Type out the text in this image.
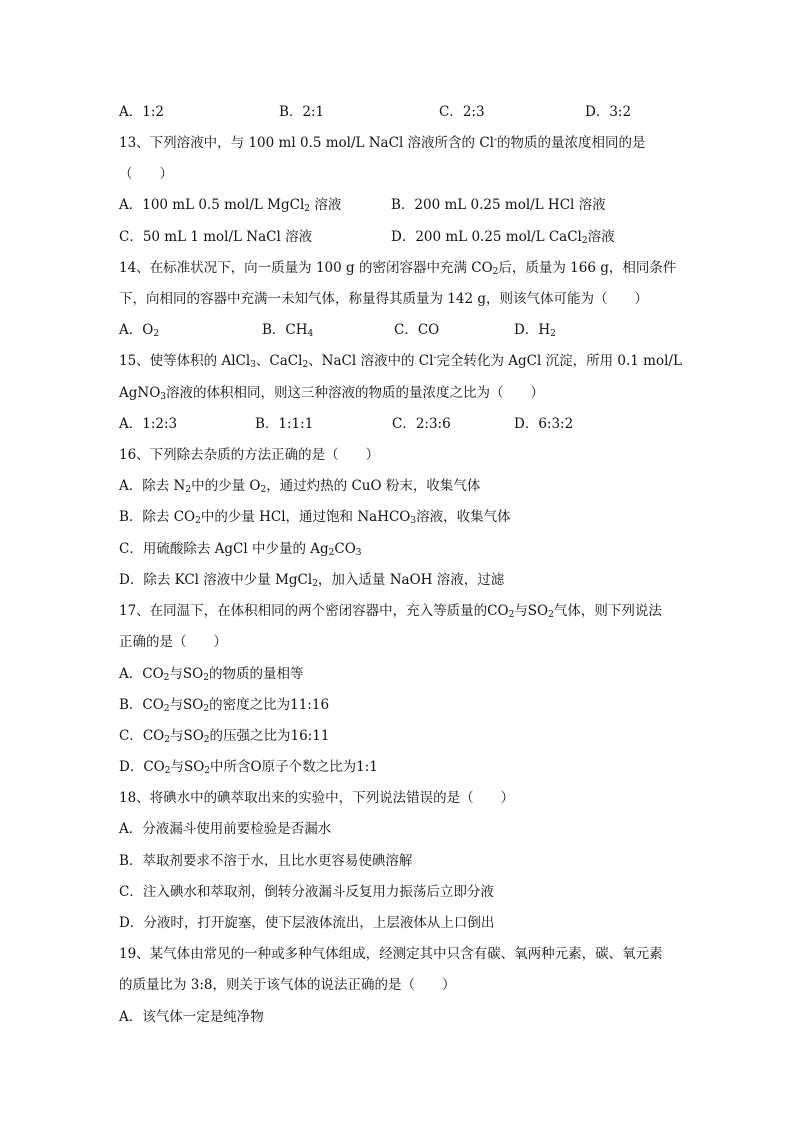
A．1:2	B．2:1	C．2:3	D．3:2
13、下列溶液中，与 100 ml 0.5 mol/L NaCl 溶液所含的 Cl-的物质的量浓度相同的是
（　　）
A．100 mL 0.5 mol/L MgCl$_2$ 溶液	B．200 mL 0.25 mol/L HCl 溶液
C．50 mL 1 mol/L NaCl 溶液	D．200 mL 0.25 mol/L CaCl$_2$溶液
14、在标准状况下，向一质量为 100 g 的密闭容器中充满 $CO_2$后，质量为 166 g，相同条件
下，向相同的容器中充满一未知气体，称量得其质量为 142 g，则该气体可能为（　　）
A．$O_2$	B．$CH_4$	C．CO	D．$H_2$
15、使等体积的 AlCl$_3$、CaCl$_2$、NaCl 溶液中的 Cl-完全转化为 AgCl 沉淀，所用 0.1 mol/L
AgNO$_3$溶液的体积相同，则这三种溶液的物质的量浓度之比为（　　）
A．1:2:3	B．1:1:1	C．2:3:6	D．6:3:2
16、下列除去杂质的方法正确的是（　　）
A．除去 $N_2$中的少量 $O_2$，通过灼热的 CuO 粉末，收集气体
B．除去 $CO_2$中的少量 HCl，通过饱和 NaHCO$_3$溶液，收集气体
C．用硫酸除去 AgCl 中少量的 $Ag_2CO_3$
D．除去 KCl 溶液中少量 MgCl$_2$，加入适量 NaOH 溶液，过滤
17、在同温下，在体积相同的两个密闭容器中，充入等质量的$CO_2$与$SO_2$气体，则下列说法
正确的是（　　）
A．$CO_2$与$SO_2$的物质的量相等
B．$CO_2$与$SO_2$的密度之比为11:16
C．$CO_2$与$SO_2$的压强之比为16:11
D．$CO_2$与$SO_2$中所含O原子个数之比为1:1
18、将碘水中的碘萃取出来的实验中，下列说法错误的是（　　）
A．分液漏斗使用前要检验是否漏水
B．萃取剂要求不溶于水，且比水更容易使碘溶解
C．注入碘水和萃取剂，倒转分液漏斗反复用力振荡后立即分液
D．分液时，打开旋塞，使下层液体流出，上层液体从上口倒出
19、某气体由常见的一种或多种气体组成，经测定其中只含有碳、氧两种元素，碳、氧元素
的质量比为 3:8，则关于该气体的说法正确的是（　　）
A．该气体一定是纯净物
